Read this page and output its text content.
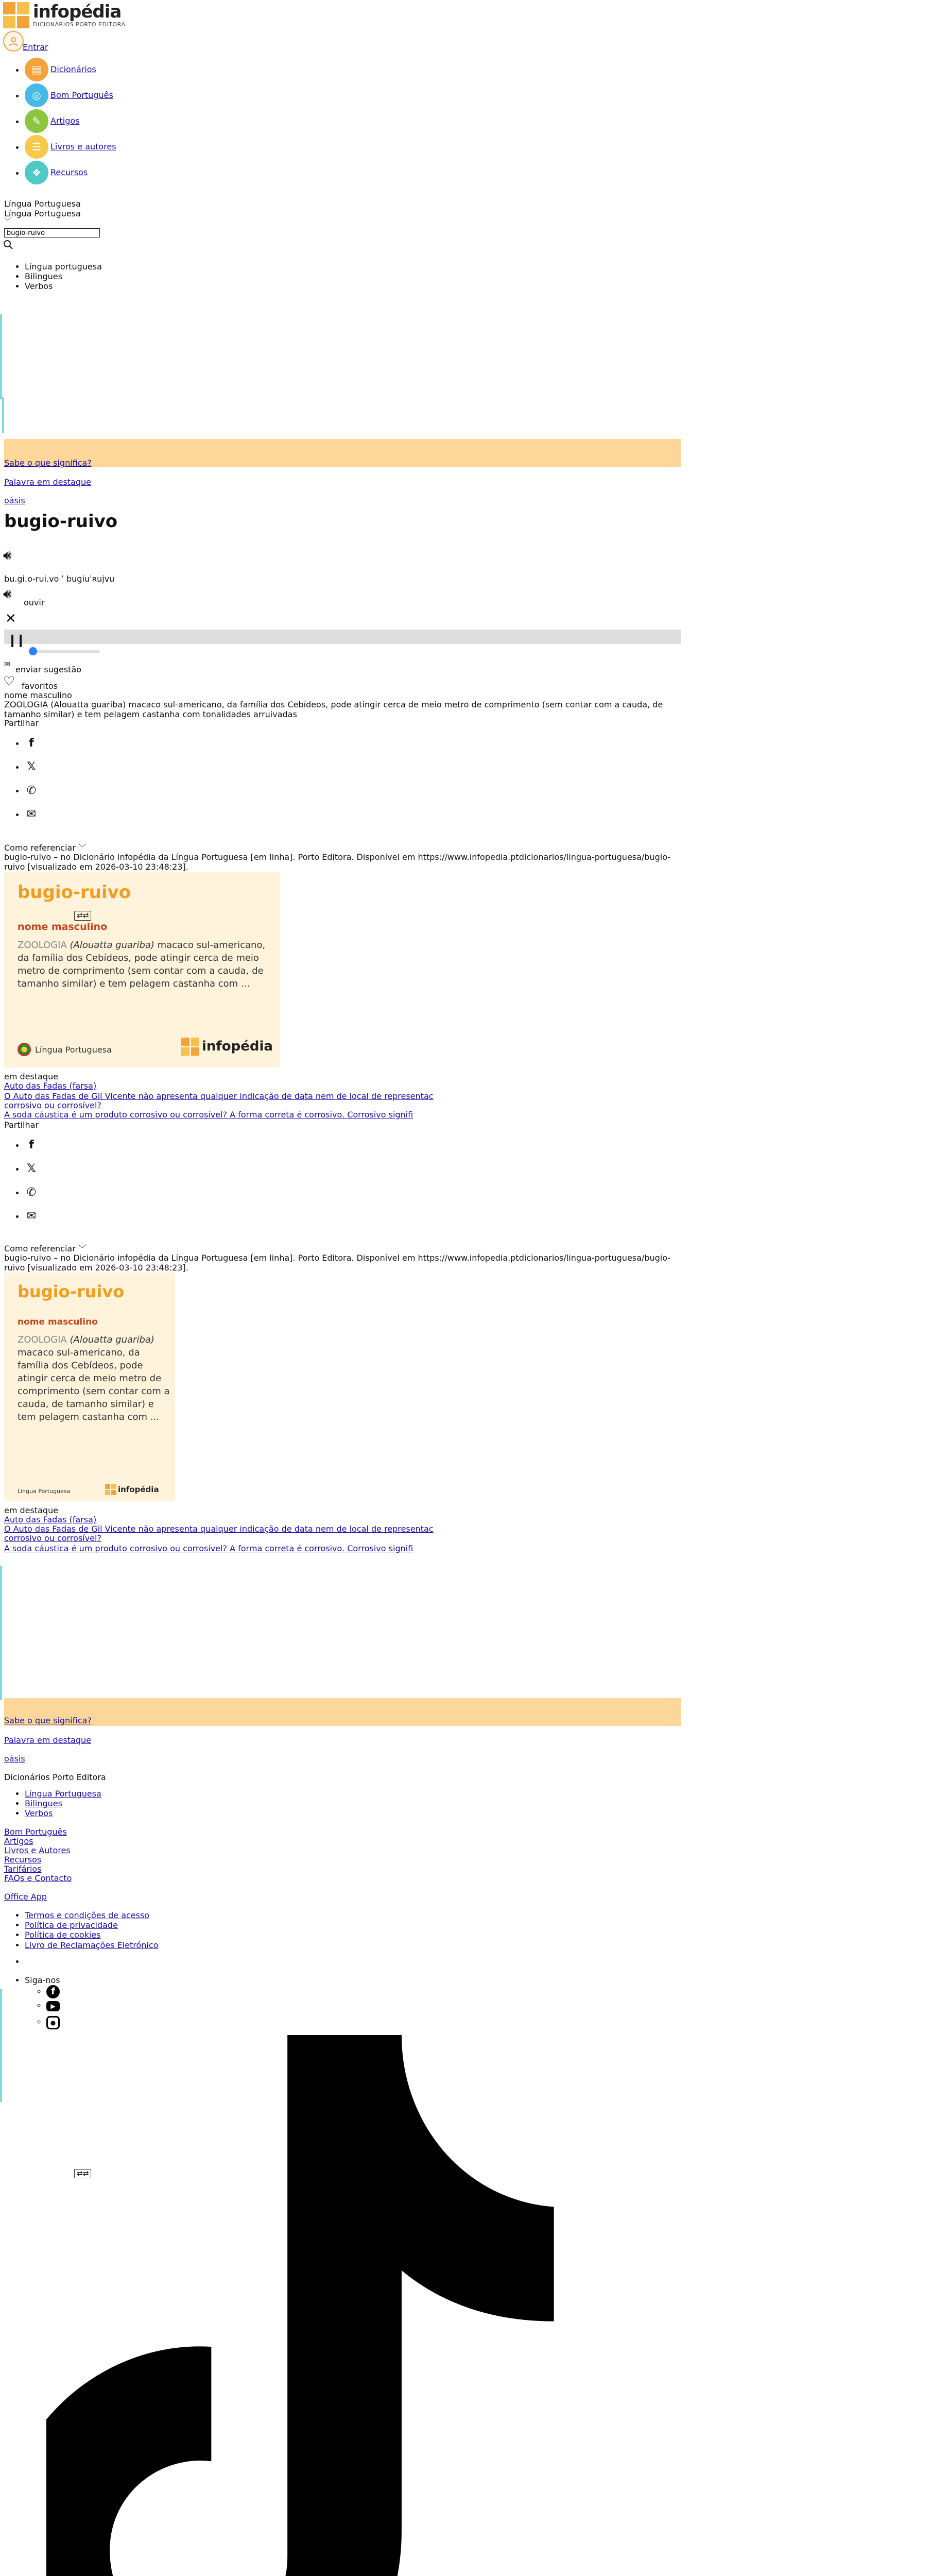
infopédia
DICIONÁRIOS PORTO EDITORA
Entrar
• ▤	Dicionários
• ◎	Bom Português
• ✎	Artigos
• ☰	Livros e autores
• ❖	Recursos
Língua Portuguesa
Língua Portuguesa
﹀
bugio-ruivo
• Língua portuguesa
• Bilingues
• Verbos
Sabe o que significa?
Palavra em destaque
oásis
bugio-ruivo
🔊︎
bu.gi.o-rui.vo ˈ buɡiuˈʀujvu
🔊︎
ouvir
✕
❙❙
✉ enviar sugestão
♡ favoritos
nome masculino
ZOOLOGIA (Alouatta guariba) macaco sul-americano, da família dos Cebídeos, pode atingir cerca de meio metro de comprimento (sem contar com a cauda, de tamanho similar) e tem pelagem castanha com tonalidades arruivadas
Partilhar
• f
• 𝕏
• ✆
• ✉
Como referenciar ﹀
bugio-ruivo – no Dicionário infopédia da Língua Portuguesa [em linha]. Porto Editora. Disponível em https://www.infopedia.ptdicionarios/lingua-portuguesa/bugio-ruivo [visualizado em 2026-03-10 23:48:23].
bugio-ruivo
⇄⇄
nome masculino
ZOOLOGIA (Alouatta guariba) macaco sul-americano, da família dos Cebídeos, pode atingir cerca de meio metro de comprimento (sem contar com a cauda, de tamanho similar) e tem pelagem castanha com ...
Língua Portuguesa	infopédia
em destaque
Auto das Fadas (farsa)
O Auto das Fadas de Gil Vicente não apresenta qualquer indicação de data nem de local de representac
corrosivo ou corrosível?
A soda cáustica é um produto corrosivo ou corrosível? A forma correta é corrosivo. Corrosivo signifi
Partilhar
• f
• 𝕏
• ✆
• ✉
Como referenciar ﹀
bugio-ruivo – no Dicionário infopédia da Língua Portuguesa [em linha]. Porto Editora. Disponível em https://www.infopedia.ptdicionarios/lingua-portuguesa/bugio-ruivo [visualizado em 2026-03-10 23:48:23].
bugio-ruivo
nome masculino
ZOOLOGIA (Alouatta guariba) macaco sul-americano, da família dos Cebídeos, pode atingir cerca de meio metro de comprimento (sem contar com a cauda, de tamanho similar) e tem pelagem castanha com ...
Língua Portuguesa	infopédia
em destaque
Auto das Fadas (farsa)
O Auto das Fadas de Gil Vicente não apresenta qualquer indicação de data nem de local de representac
corrosivo ou corrosível?
A soda cáustica é um produto corrosivo ou corrosível? A forma correta é corrosivo. Corrosivo signifi
Sabe o que significa?
Palavra em destaque
oásis
Dicionários Porto Editora
• Língua Portuguesa
• Bilingues
• Verbos
Bom Português
Artigos
Livros e Autores
Recursos
Tarifários
FAQs e Contacto
Office App
• Termos e condições de acesso
• Política de privacidade
• Política de cookies
• Livro de Reclamações Eletrónico
• Siga-nos
◦ f
◦ ▶
◦ ●
⇄⇄
